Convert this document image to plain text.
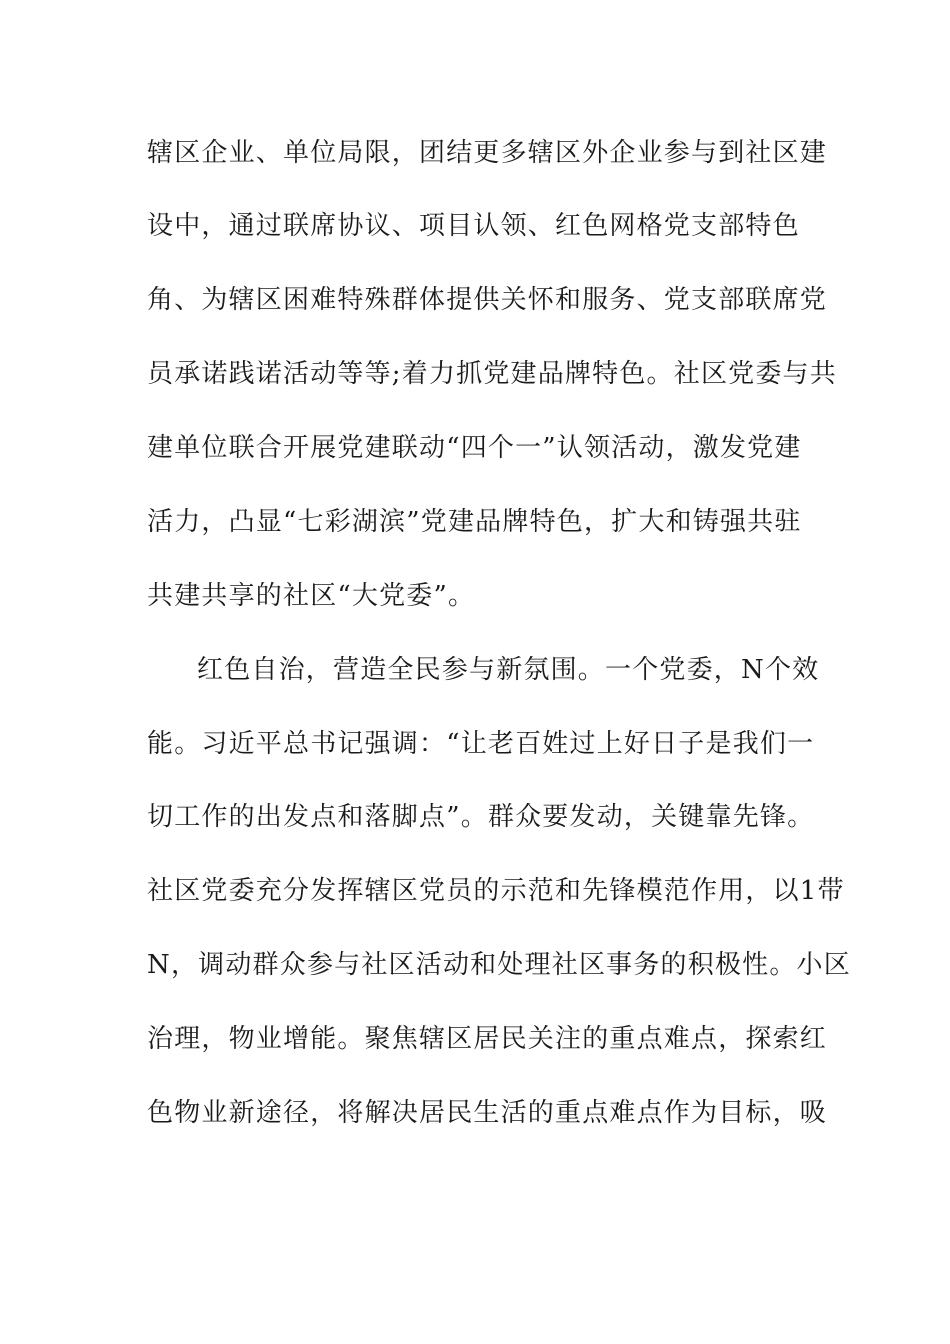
辖区企业、单位局限，团结更多辖区外企业参与到社区建
设中，通过联席协议、项目认领、红色网格党支部特色
角、为辖区困难特殊群体提供关怀和服务、党支部联席党
员承诺践诺活动等等;着力抓党建品牌特色。社区党委与共
建单位联合开展党建联动“四个一”认领活动，激发党建
活力，凸显“七彩湖滨”党建品牌特色，扩大和铸强共驻
共建共享的社区“大党委”。
红色自治，营造全民参与新氛围。一个党委，N个效
能。习近平总书记强调：“让老百姓过上好日子是我们一
切工作的出发点和落脚点”。群众要发动，关键靠先锋。
社区党委充分发挥辖区党员的示范和先锋模范作用，以1带
N，调动群众参与社区活动和处理社区事务的积极性。小区
治理，物业增能。聚焦辖区居民关注的重点难点，探索红
色物业新途径，将解决居民生活的重点难点作为目标，吸
